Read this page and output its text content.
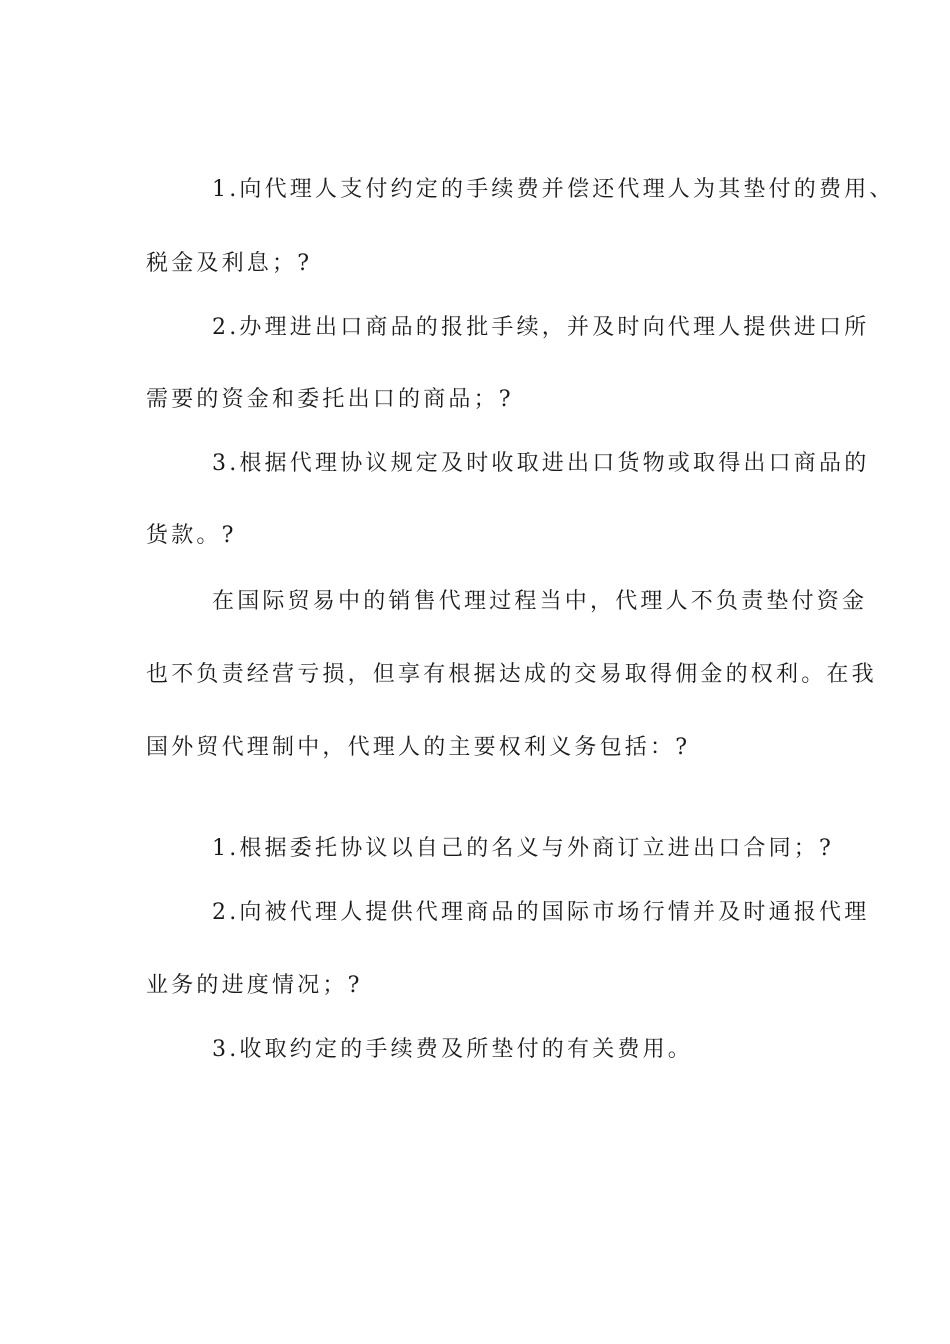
1.向代理人支付约定的手续费并偿还代理人为其垫付的费用、
税金及利息；?
2.办理进出口商品的报批手续，并及时向代理人提供进口所
需要的资金和委托出口的商品；?
3.根据代理协议规定及时收取进出口货物或取得出口商品的
货款。?
在国际贸易中的销售代理过程当中，代理人不负责垫付资金
也不负责经营亏损，但享有根据达成的交易取得佣金的权利。在我
国外贸代理制中，代理人的主要权利义务包括：?
1.根据委托协议以自己的名义与外商订立进出口合同；?
2.向被代理人提供代理商品的国际市场行情并及时通报代理
业务的进度情况；?
3.收取约定的手续费及所垫付的有关费用。
